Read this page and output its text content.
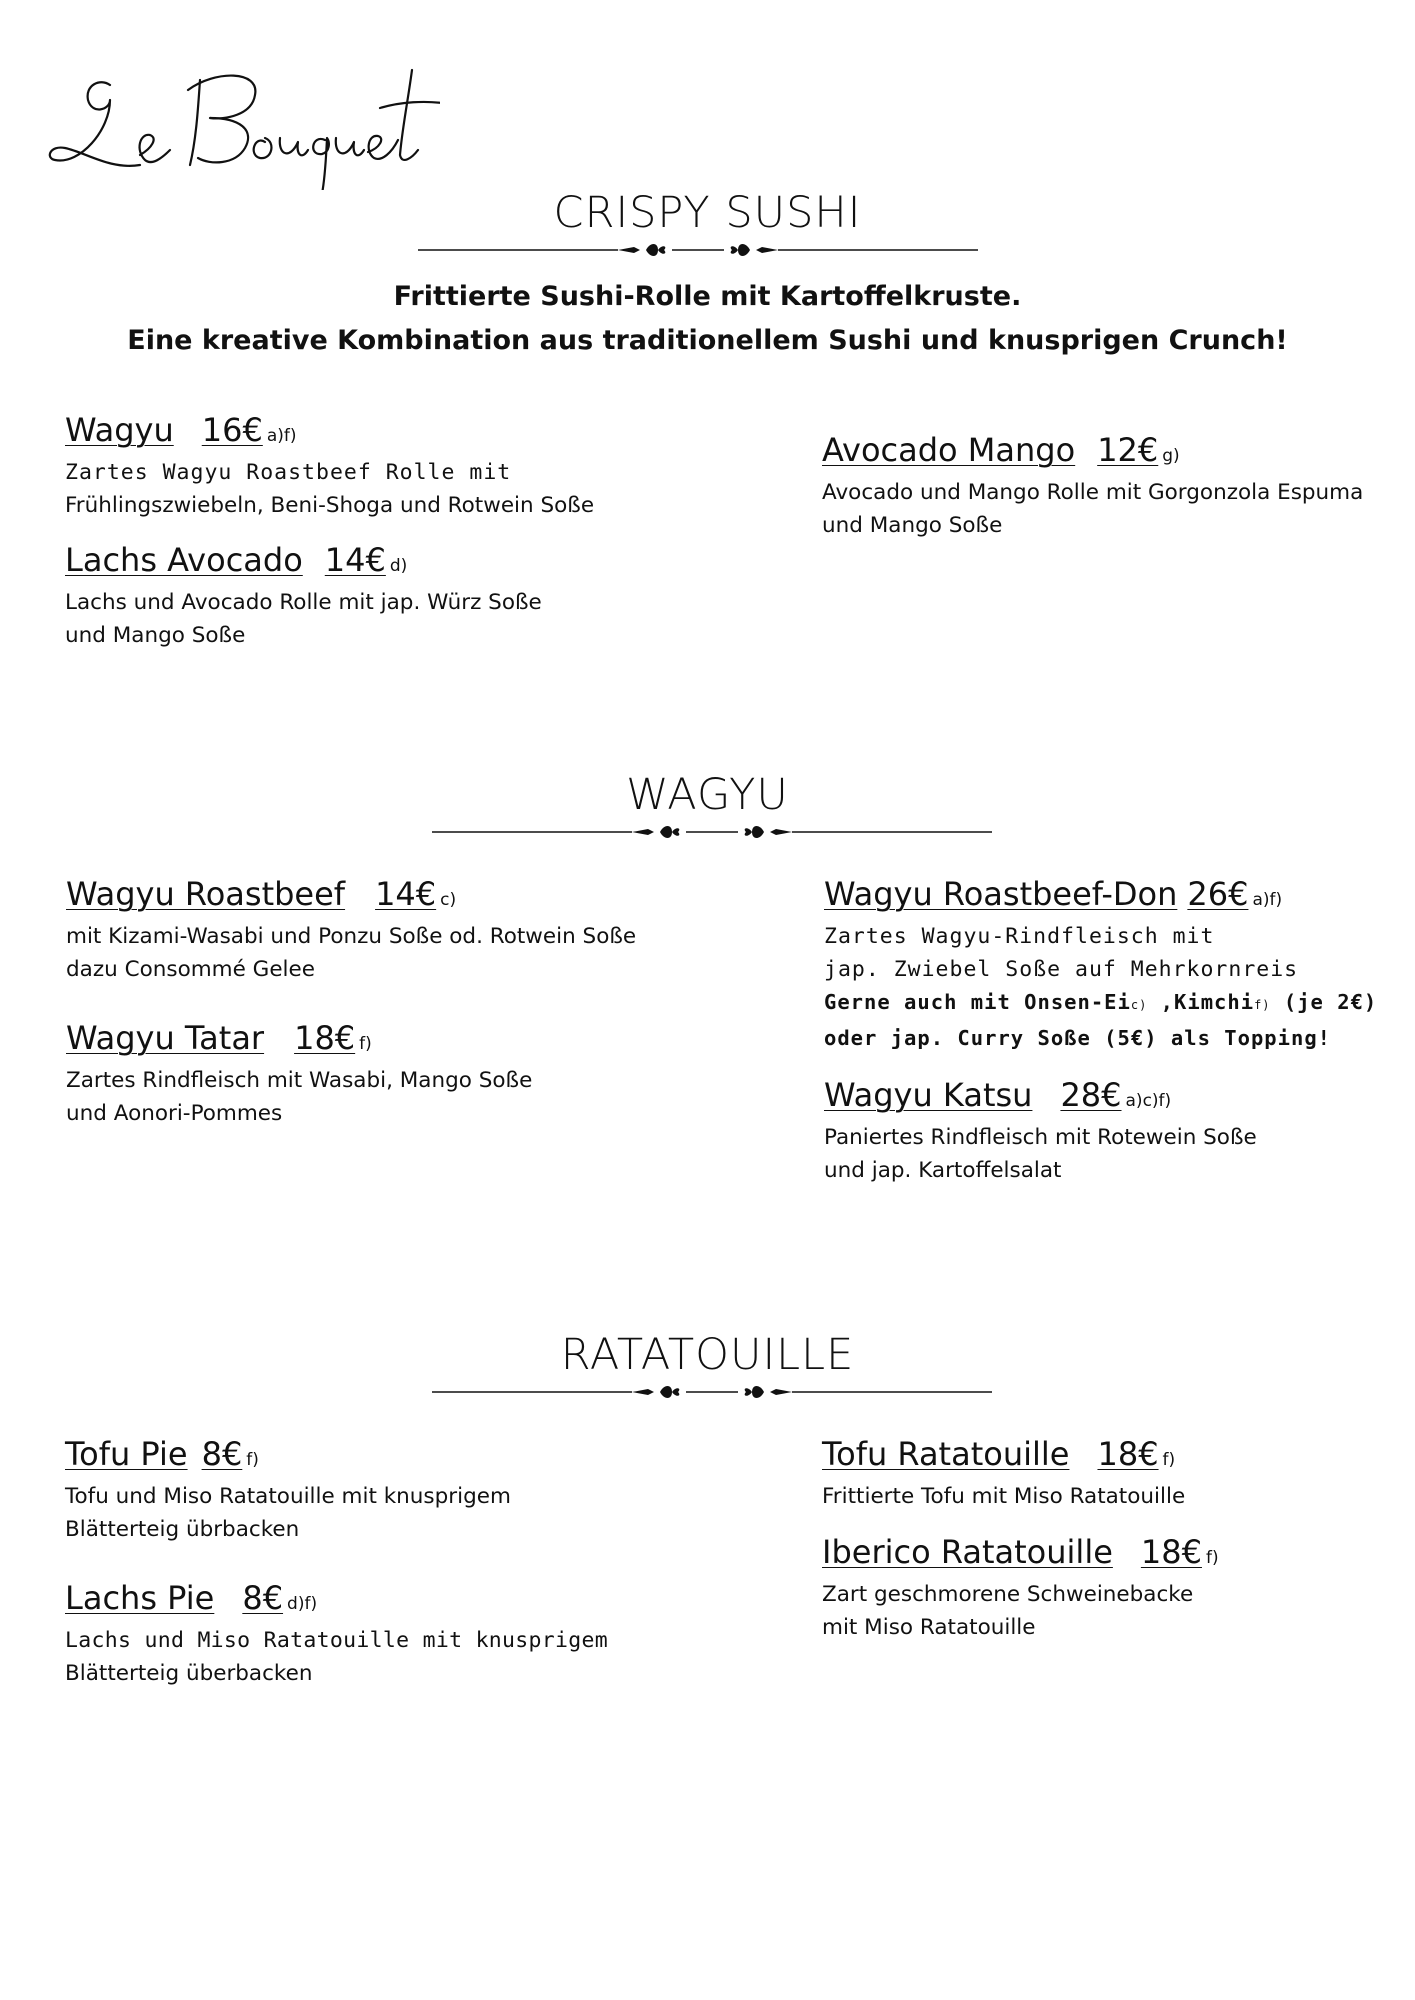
CRISPY SUSHI
Frittierte Sushi-Rolle mit Kartoffelkruste.
Eine kreative Kombination aus traditionellem Sushi und knusprigen Crunch!
Wagyu 16€ a)f)
Zartes Wagyu Roastbeef Rolle mit
Frühlingszwiebeln, Beni-Shoga und Rotwein Soße
Lachs Avocado 14€ d)
Lachs und Avocado Rolle mit jap. Würz Soße
und Mango Soße
Avocado Mango 12€ g)
Avocado und Mango Rolle mit Gorgonzola Espuma
und Mango Soße
WAGYU
Wagyu Roastbeef 14€ c)
mit Kizami-Wasabi und Ponzu Soße od. Rotwein Soße
dazu Consommé Gelee
Wagyu Tatar 18€ f)
Zartes Rindfleisch mit Wasabi, Mango Soße
und Aonori-Pommes
Wagyu Roastbeef-Don 26€ a)f)
Zartes Wagyu-Rindfleisch mit
jap. Zwiebel Soße auf Mehrkornreis
Gerne auch mit Onsen-Eic) ,Kimchif) (je 2€)
oder jap. Curry Soße (5€) als Topping!
Wagyu Katsu 28€ a)c)f)
Paniertes Rindfleisch mit Rotewein Soße
und jap. Kartoffelsalat
RATATOUILLE
Tofu Pie 8€ f)
Tofu und Miso Ratatouille mit knusprigem
Blätterteig übrbacken
Lachs Pie 8€ d)f)
Lachs und Miso Ratatouille mit knusprigem
Blätterteig überbacken
Tofu Ratatouille 18€ f)
Frittierte Tofu mit Miso Ratatouille
Iberico Ratatouille 18€ f)
Zart geschmorene Schweinebacke
mit Miso Ratatouille
